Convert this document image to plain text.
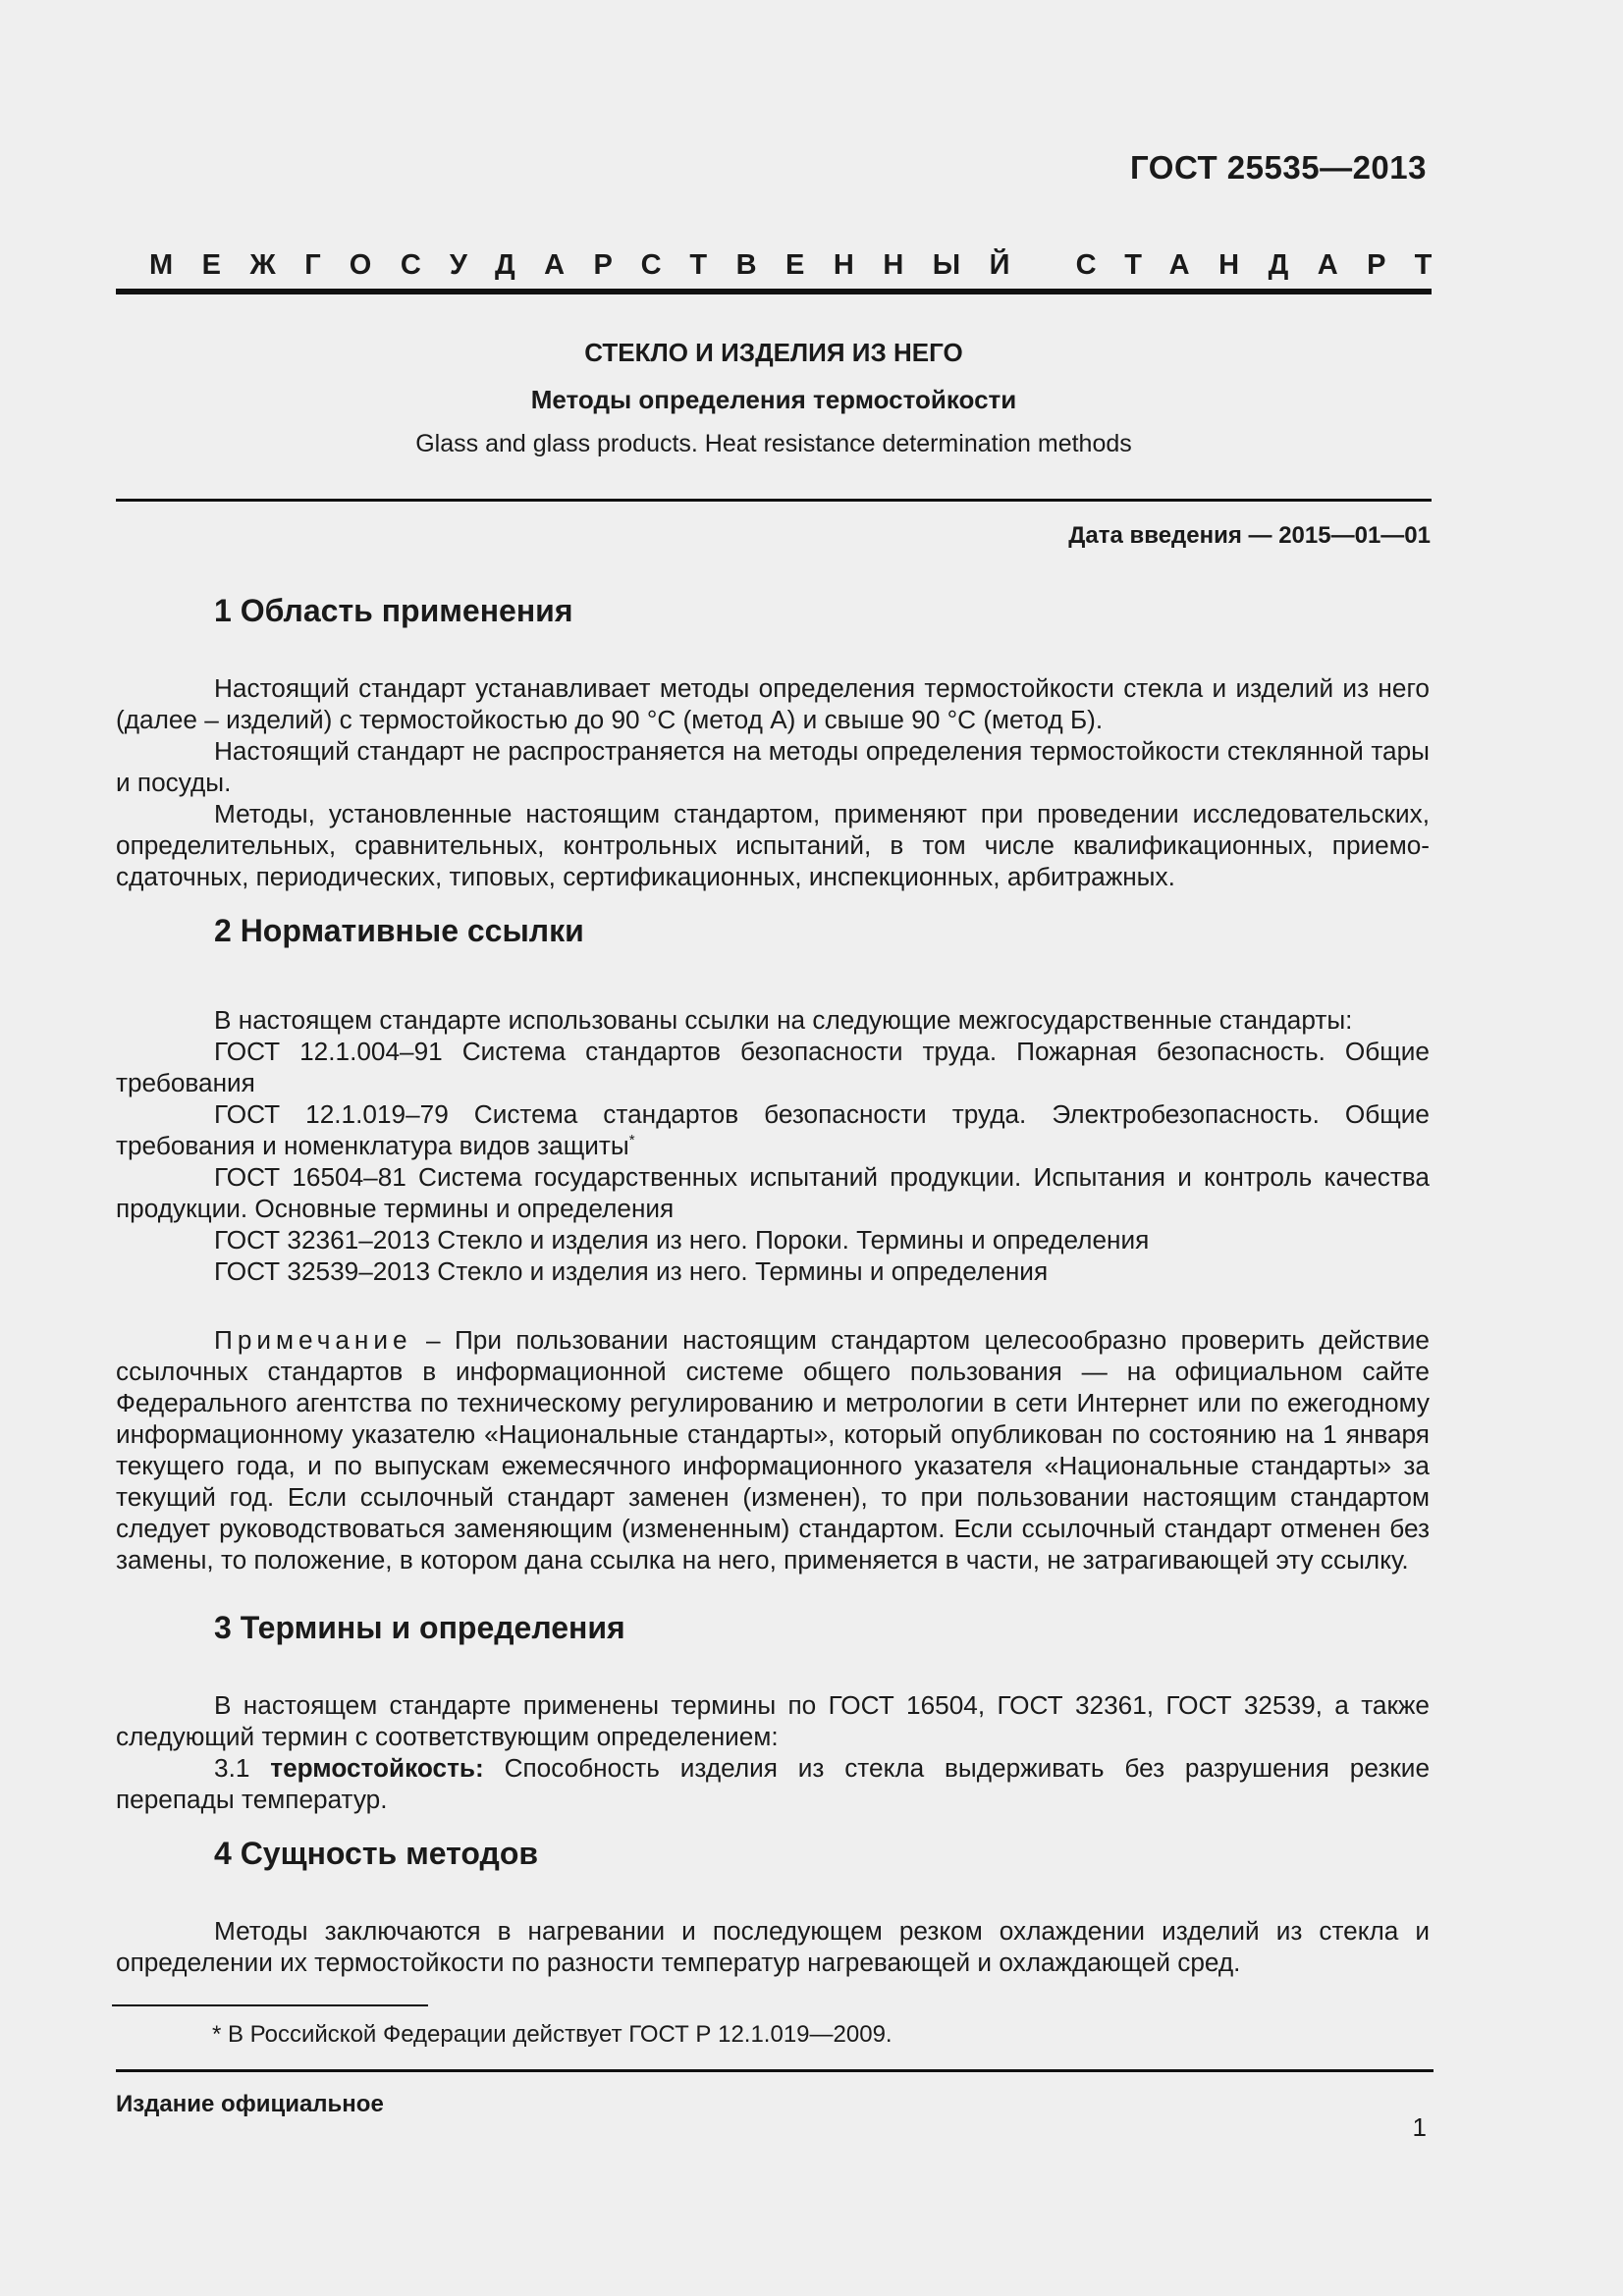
ГОСТ 25535—2013
МЕЖГОСУДАРСТВЕННЫЙ СТАНДАРТ
СТЕКЛО И ИЗДЕЛИЯ ИЗ НЕГО
Методы определения термостойкости
Glass and glass products. Heat resistance determination methods
Дата введения — 2015—01—01
1 Область применения

Настоящий стандарт устанавливает методы определения термостойкости стекла и изделий из него (далее – изделий) с термостойкостью до 90 °С (метод А) и свыше 90 °С (метод Б).

Настоящий стандарт не распространяется на методы определения термостойкости стеклянной тары и посуды.

Методы, установленные настоящим стандартом, применяют при проведении исследовательских, определительных, сравнительных, контрольных испытаний, в том числе квалификационных, приемо-сдаточных, периодических, типовых, сертификационных, инспекционных, арбитражных.

2 Нормативные ссылки

В настоящем стандарте использованы ссылки на следующие межгосударственные стандарты:

ГОСТ 12.1.004–91 Система стандартов безопасности труда. Пожарная безопасность. Общие требования

ГОСТ 12.1.019–79 Система стандартов безопасности труда. Электробезопасность. Общие требования и номенклатура видов защиты*

ГОСТ 16504–81 Система государственных испытаний продукции. Испытания и контроль качества продукции. Основные термины и определения

ГОСТ 32361–2013 Стекло и изделия из него. Пороки. Термины и определения

ГОСТ 32539–2013 Стекло и изделия из него. Термины и определения

Примечание – При пользовании настоящим стандартом целесообразно проверить действие ссылочных стандартов в информационной системе общего пользования — на официальном сайте Федерального агентства по техническому регулированию и метрологии в сети Интернет или по ежегодному информационному указателю «Национальные стандарты», который опубликован по состоянию на 1 января текущего года, и по выпускам ежемесячного информационного указателя «Национальные стандарты» за текущий год. Если ссылочный стандарт заменен (изменен), то при пользовании настоящим стандартом следует руководствоваться заменяющим (измененным) стандартом. Если ссылочный стандарт отменен без замены, то положение, в котором дана ссылка на него, применяется в части, не затрагивающей эту ссылку.

3 Термины и определения

В настоящем стандарте применены термины по ГОСТ 16504, ГОСТ 32361, ГОСТ 32539, а также следующий термин с соответствующим определением:

3.1 термостойкость: Способность изделия из стекла выдерживать без разрушения резкие перепады температур.

4 Сущность методов

Методы заключаются в нагревании и последующем резком охлаждении изделий из стекла и определении их термостойкости по разности температур нагревающей и охлаждающей сред.

* В Российской Федерации действует ГОСТ Р 12.1.019—2009.
Издание официальное
1
